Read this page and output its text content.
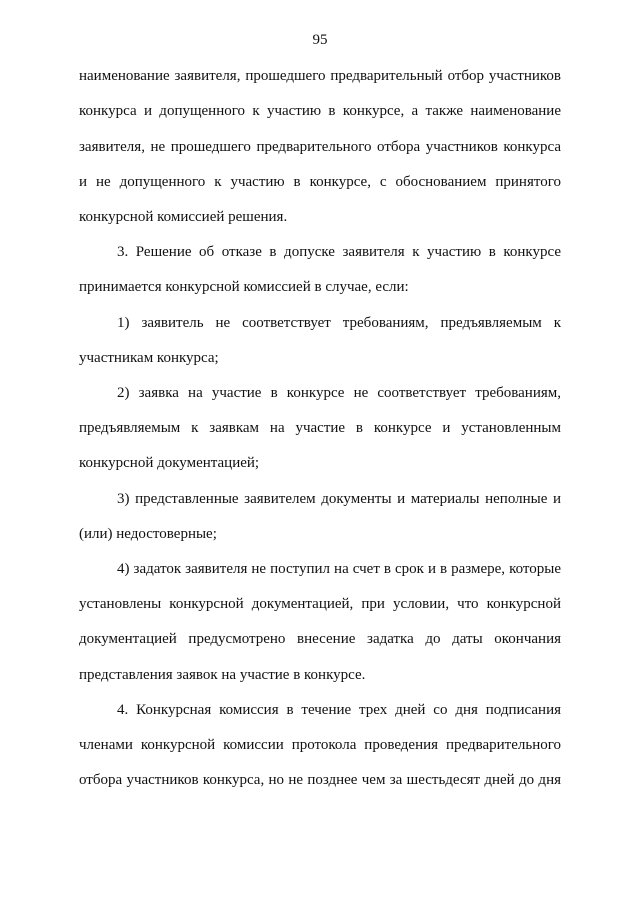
95
наименование заявителя, прошедшего предварительный отбор участников
конкурса и допущенного к участию в конкурсе, а также наименование
заявителя, не прошедшего предварительного отбора участников конкурса
и не допущенного к участию в конкурсе, с обоснованием принятого
конкурсной комиссией решения.
3. Решение об отказе в допуске заявителя к участию в конкурсе
принимается конкурсной комиссией в случае, если:
1) заявитель не соответствует требованиям, предъявляемым к
участникам конкурса;
2) заявка на участие в конкурсе не соответствует требованиям,
предъявляемым к заявкам на участие в конкурсе и установленным
конкурсной документацией;
3) представленные заявителем документы и материалы неполные и
(или) недостоверные;
4) задаток заявителя не поступил на счет в срок и в размере, которые
установлены конкурсной документацией, при условии, что конкурсной
документацией предусмотрено внесение задатка до даты окончания
представления заявок на участие в конкурсе.
4. Конкурсная комиссия в течение трех дней со дня подписания
членами конкурсной комиссии протокола проведения предварительного
отбора участников конкурса, но не позднее чем за шестьдесят дней до дня
